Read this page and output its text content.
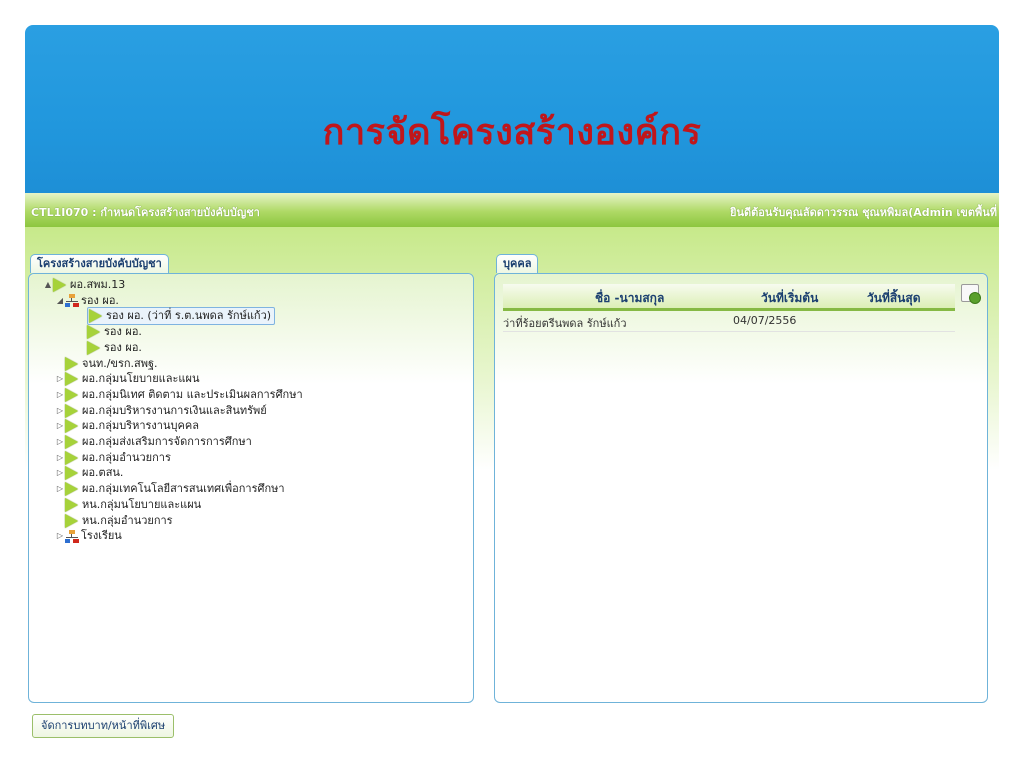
การจัดโครงสร้างองค์กร
CTL1I070 : กำหนดโครงสร้างสายบังคับบัญชา	ยินดีต้อนรับคุณลัดดาวรรณ ชุณหพิมล(Admin เขตพื้นที่
โครงสร้างสายบังคับบัญชา
▲ ผอ.สพม.13
◢ รอง ผอ.
รอง ผอ. (ว่าที่ ร.ต.นพดล รักษ์แก้ว)
รอง ผอ.
รอง ผอ.
จนท./ขรก.สพฐ.
▷ ผอ.กลุ่มนโยบายและแผน
▷ ผอ.กลุ่มนิเทศ ติดตาม และประเมินผลการศึกษา
▷ ผอ.กลุ่มบริหารงานการเงินและสินทรัพย์
▷ ผอ.กลุ่มบริหารงานบุคคล
▷ ผอ.กลุ่มส่งเสริมการจัดการการศึกษา
▷ ผอ.กลุ่มอำนวยการ
▷ ผอ.ตสน.
▷ ผอ.กลุ่มเทคโนโลยีสารสนเทศเพื่อการศึกษา
หน.กลุ่มนโยบายและแผน
หน.กลุ่มอำนวยการ
▷ โรงเรียน
บุคคล
ชื่อ -นามสกุล	วันที่เริ่มต้น	วันที่สิ้นสุด
ว่าที่ร้อยตรีนพดล รักษ์แก้ว	04/07/2556
จัดการบทบาท/หน้าที่พิเศษ
